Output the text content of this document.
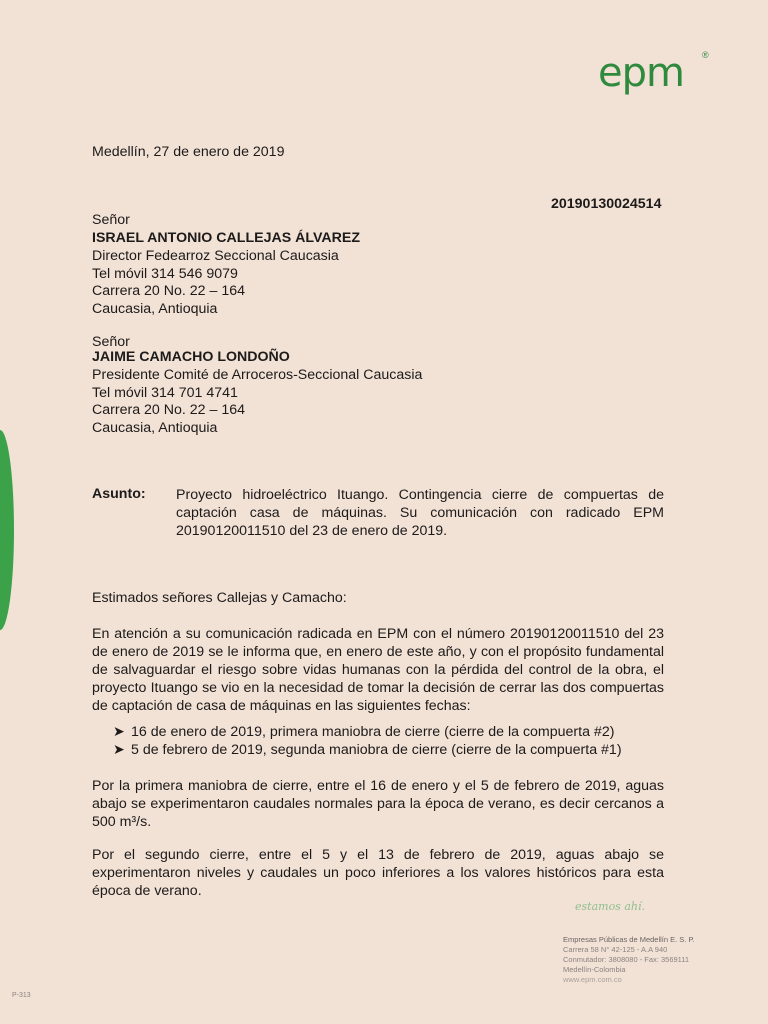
epm ®
Medellín, 27 de enero de 2019
20190130024514
Señor
ISRAEL ANTONIO CALLEJAS ÁLVAREZ
Director Fedearroz Seccional Caucasia
Tel móvil 314 546 9079
Carrera 20 No. 22 – 164
Caucasia, Antioquia
Señor
JAIME CAMACHO LONDOÑO
Presidente Comité de Arroceros-Seccional Caucasia
Tel móvil 314 701 4741
Carrera 20 No. 22 – 164
Caucasia, Antioquia
Asunto: Proyecto hidroeléctrico Ituango. Contingencia cierre de compuertas de captación casa de máquinas. Su comunicación con radicado EPM 20190120011510 del 23 de enero de 2019.
Estimados señores Callejas y Camacho:
En atención a su comunicación radicada en EPM con el número 20190120011510 del 23 de enero de 2019 se le informa que, en enero de este año, y con el propósito fundamental de salvaguardar el riesgo sobre vidas humanas con la pérdida del control de la obra, el proyecto Ituango se vio en la necesidad de tomar la decisión de cerrar las dos compuertas de captación de casa de máquinas en las siguientes fechas:
➤ 16 de enero de 2019, primera maniobra de cierre (cierre de la compuerta #2)
➤ 5 de febrero de 2019, segunda maniobra de cierre (cierre de la compuerta #1)
Por la primera maniobra de cierre, entre el 16 de enero y el 5 de febrero de 2019, aguas abajo se experimentaron caudales normales para la época de verano, es decir cercanos a 500 m³/s.
Por el segundo cierre, entre el 5 y el 13 de febrero de 2019, aguas abajo se experimentaron niveles y caudales un poco inferiores a los valores históricos para esta época de verano.
estamos ahí.
Empresas Públicas de Medellín E. S. P.
Carrera 58 N° 42-125 - A.A 940
Conmutador: 3808080 - Fax: 3569111
Medellín-Colombia
www.epm.com.co
P-313
